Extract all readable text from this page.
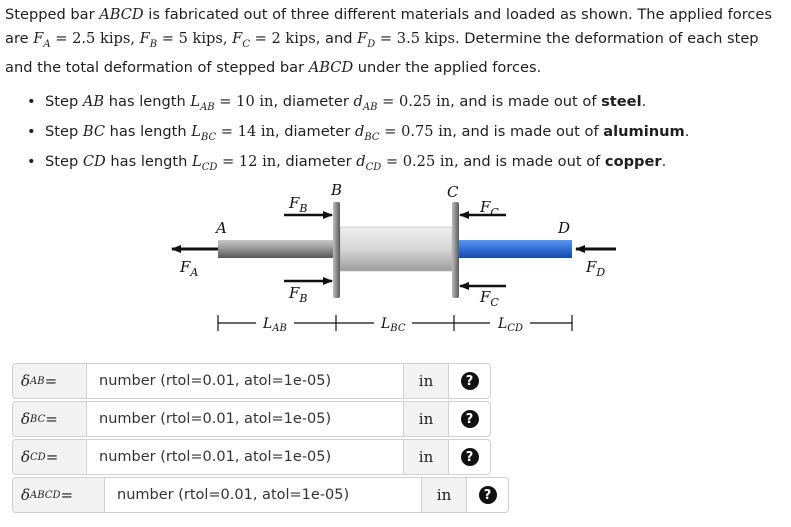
Stepped bar ABCD is fabricated out of three different materials and loaded as shown. The applied forces are $F_A = 2.5$ kips, $F_B = 5$ kips, $F_C = 2$ kips, and $F_D = 3.5$ kips. Determine the deformation of each step and the total deformation of stepped bar ABCD under the applied forces.

• Step AB has length $L_{AB} = 10$ in, diameter $d_{AB} = 0.25$ in, and is made out of steel.
• Step BC has length $L_{BC} = 14$ in, diameter $d_{BC} = 0.75$ in, and is made out of aluminum.
• Step CD has length $L_{CD} = 12$ in, diameter $d_{CD} = 0.25$ in, and is made out of copper.
A
B	C
D
$F_A$
$F_B$
$F_B$
$F_C$
$F_C$
$F_D$
$L_{AB}$	$L_{BC}$	$L_{CD}$
δ AB =
number (rtol=0.01, atol=1e-05)	in	?
δ BC =
number (rtol=0.01, atol=1e-05)	in	?
δ CD =
number (rtol=0.01, atol=1e-05)	in	?
δ ABCD =
number (rtol=0.01, atol=1e-05)	in	?
